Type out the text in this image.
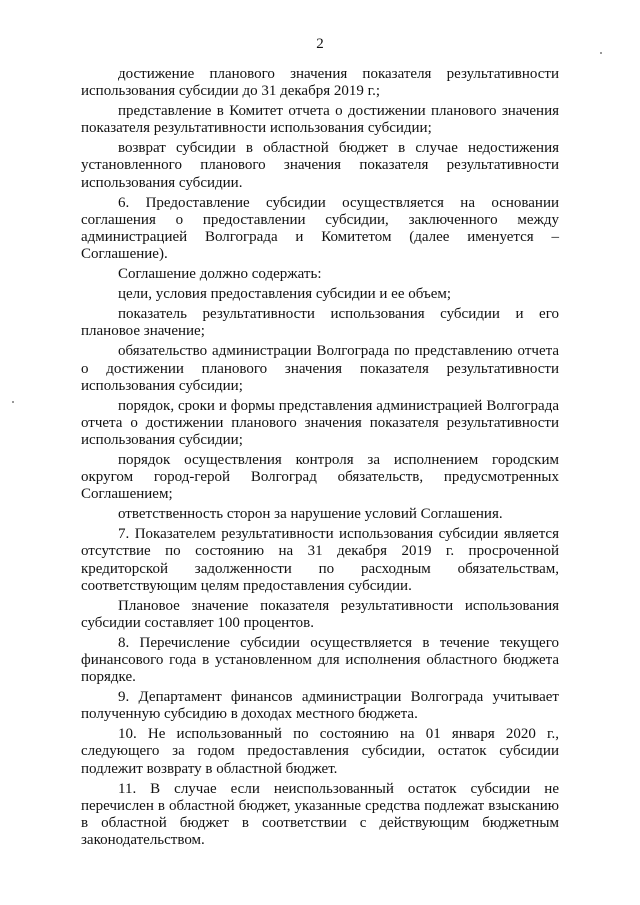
2

достижение планового значения показателя результативности использования субсидии до 31 декабря 2019 г.;

представление в Комитет отчета о достижении планового значения показателя результативности использования субсидии;

возврат субсидии в областной бюджет в случае недостижения установленного планового значения показателя результативности использования субсидии.

6. Предоставление субсидии осуществляется на основании соглашения о предоставлении субсидии, заключенного между администрацией Волгограда и Комитетом (далее именуется – Соглашение).

Соглашение должно содержать:

цели, условия предоставления субсидии и ее объем;

показатель результативности использования субсидии и его плановое значение;

обязательство администрации Волгограда по представлению отчета о достижении планового значения показателя результативности использования субсидии;

порядок, сроки и формы представления администрацией Волгограда отчета о достижении планового значения показателя результативности использования субсидии;

порядок осуществления контроля за исполнением городским округом город-герой Волгоград обязательств, предусмотренных Соглашением;

ответственность сторон за нарушение условий Соглашения.

7. Показателем результативности использования субсидии является отсутствие по состоянию на 31 декабря 2019 г. просроченной кредиторской задолженности по расходным обязательствам, соответствующим целям предоставления субсидии.

Плановое значение показателя результативности использования субсидии составляет 100 процентов.

8. Перечисление субсидии осуществляется в течение текущего финансового года в установленном для исполнения областного бюджета порядке.

9. Департамент финансов администрации Волгограда учитывает полученную субсидию в доходах местного бюджета.

10. Не использованный по состоянию на 01 января 2020 г., следующего за годом предоставления субсидии, остаток субсидии подлежит возврату в областной бюджет.

11. В случае если неиспользованный остаток субсидии не перечислен в областной бюджет, указанные средства подлежат взысканию в областной бюджет в соответствии с действующим бюджетным законодательством.
